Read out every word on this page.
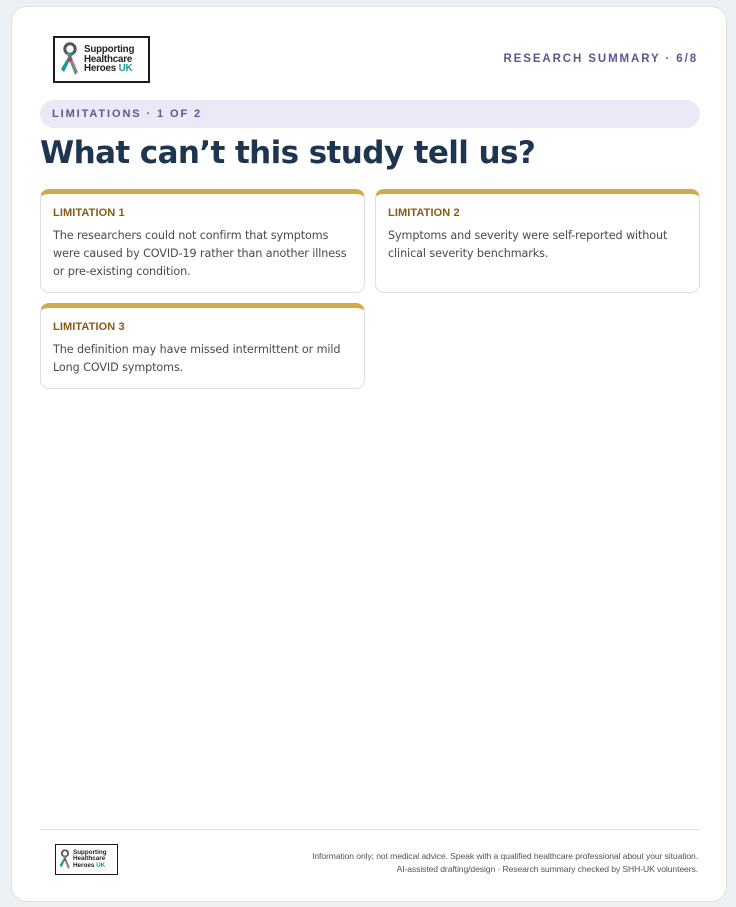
Supporting
Healthcare
Heroes UK
RESEARCH SUMMARY · 6/8
LIMITATIONS · 1 OF 2
What can’t this study tell us?
LIMITATION 1
The researchers could not confirm that symptoms were caused by COVID-19 rather than another illness or pre-existing condition.
LIMITATION 2
Symptoms and severity were self-reported without clinical severity benchmarks.
LIMITATION 3
The definition may have missed intermittent or mild Long COVID symptoms.
Supporting
Healthcare
Heroes UK
Information only; not medical advice. Speak with a qualified healthcare professional about your situation.
AI-assisted drafting/design · Research summary checked by SHH-UK volunteers.
